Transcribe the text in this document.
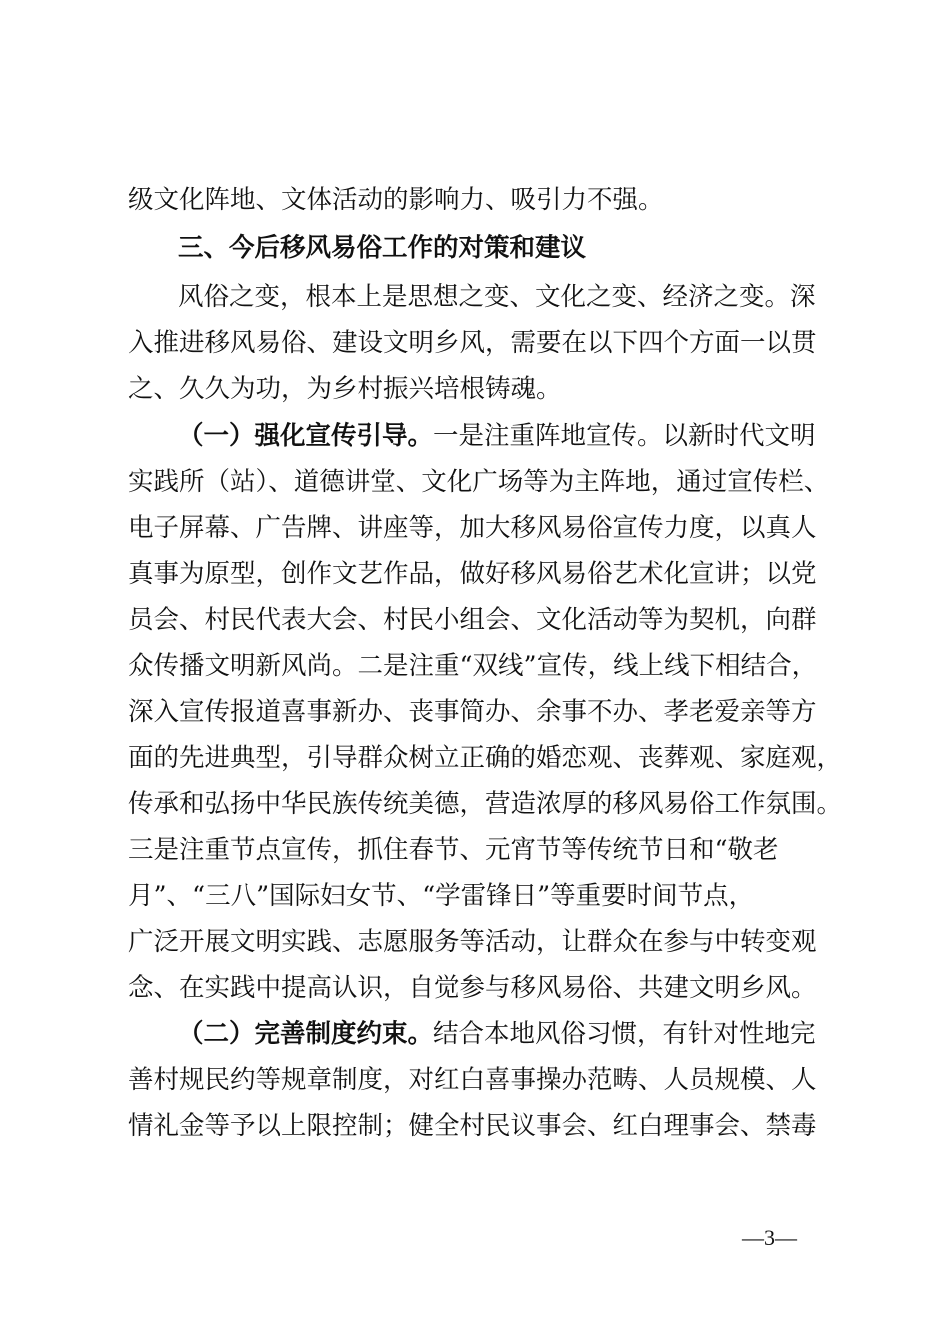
级文化阵地、文体活动的影响力、吸引力不强。
三、今后移风易俗工作的对策和建议
风俗之变，根本上是思想之变、文化之变、经济之变。深
入推进移风易俗、建设文明乡风，需要在以下四个方面一以贯
之、久久为功，为乡村振兴培根铸魂。
（一）强化宣传引导。一是注重阵地宣传。以新时代文明
实践所（站）、道德讲堂、文化广场等为主阵地，通过宣传栏、
电子屏幕、广告牌、讲座等，加大移风易俗宣传力度，以真人
真事为原型，创作文艺作品，做好移风易俗艺术化宣讲；以党
员会、村民代表大会、村民小组会、文化活动等为契机，向群
众传播文明新风尚。二是注重“双线”宣传，线上线下相结合，
深入宣传报道喜事新办、丧事简办、余事不办、孝老爱亲等方
面的先进典型，引导群众树立正确的婚恋观、丧葬观、家庭观，
传承和弘扬中华民族传统美德，营造浓厚的移风易俗工作氛围。
三是注重节点宣传，抓住春节、元宵节等传统节日和“敬老
月”、“三八”国际妇女节、“学雷锋日”等重要时间节点，
广泛开展文明实践、志愿服务等活动，让群众在参与中转变观
念、在实践中提高认识，自觉参与移风易俗、共建文明乡风。
（二）完善制度约束。结合本地风俗习惯，有针对性地完
善村规民约等规章制度，对红白喜事操办范畴、人员规模、人
情礼金等予以上限控制；健全村民议事会、红白理事会、禁毒
—3—
